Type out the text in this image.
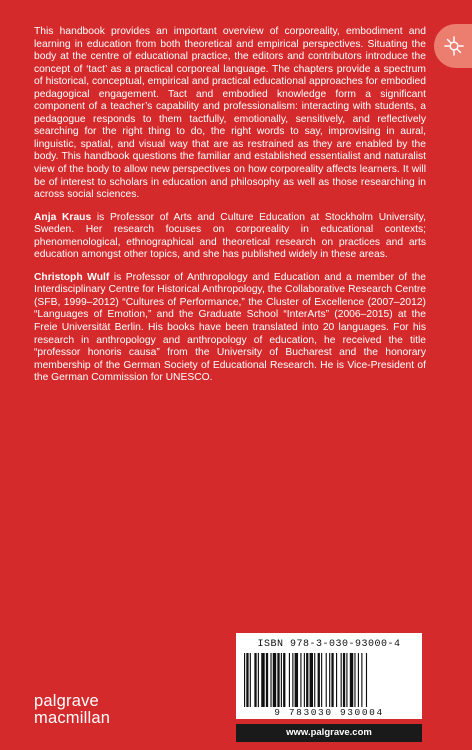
This handbook provides an important overview of corporeality, embodiment and learning in education from both theoretical and empirical perspectives. Situating the body at the centre of educational practice, the editors and contributors introduce the concept of ‘tact’ as a practical corporeal language. The chapters provide a spectrum of historical, conceptual, empirical and practical educational approaches for embodied pedagogical engagement. Tact and embodied knowledge form a significant component of a teacher’s capability and professionalism: interacting with students, a pedagogue responds to them tactfully, emotionally, sensitively, and reflectively searching for the right thing to do, the right words to say, improvising in aural, linguistic, spatial, and visual way that are as restrained as they are enabled by the body. This handbook questions the familiar and established essentialist and naturalist view of the body to allow new perspectives on how corporeality affects learners. It will be of interest to scholars in education and philosophy as well as those researching in across social sciences.

Anja Kraus is Professor of Arts and Culture Education at Stockholm University, Sweden. Her research focuses on corporeality in educational contexts; phenomenological, ethnographical and theoretical research on practices and arts education amongst other topics, and she has published widely in these areas.

Christoph Wulf is Professor of Anthropology and Education and a member of the Interdisciplinary Centre for Historical Anthropology, the Collaborative Research Centre (SFB, 1999–2012) “Cultures of Performance,” the Cluster of Excellence (2007–2012) “Languages of Emotion,” and the Graduate School “InterArts” (2006–2015) at the Freie Universität Berlin. His books have been translated into 20 languages. For his research in anthropology and anthropology of education, he received the title “professor honoris causa” from the University of Bucharest and the honorary membership of the German Society of Educational Research. He is Vice-President of the German Commission for UNESCO.

palgrave
macmillan
ISBN 978-3-030-93000-4
9 783030 930004
www.palgrave.com
